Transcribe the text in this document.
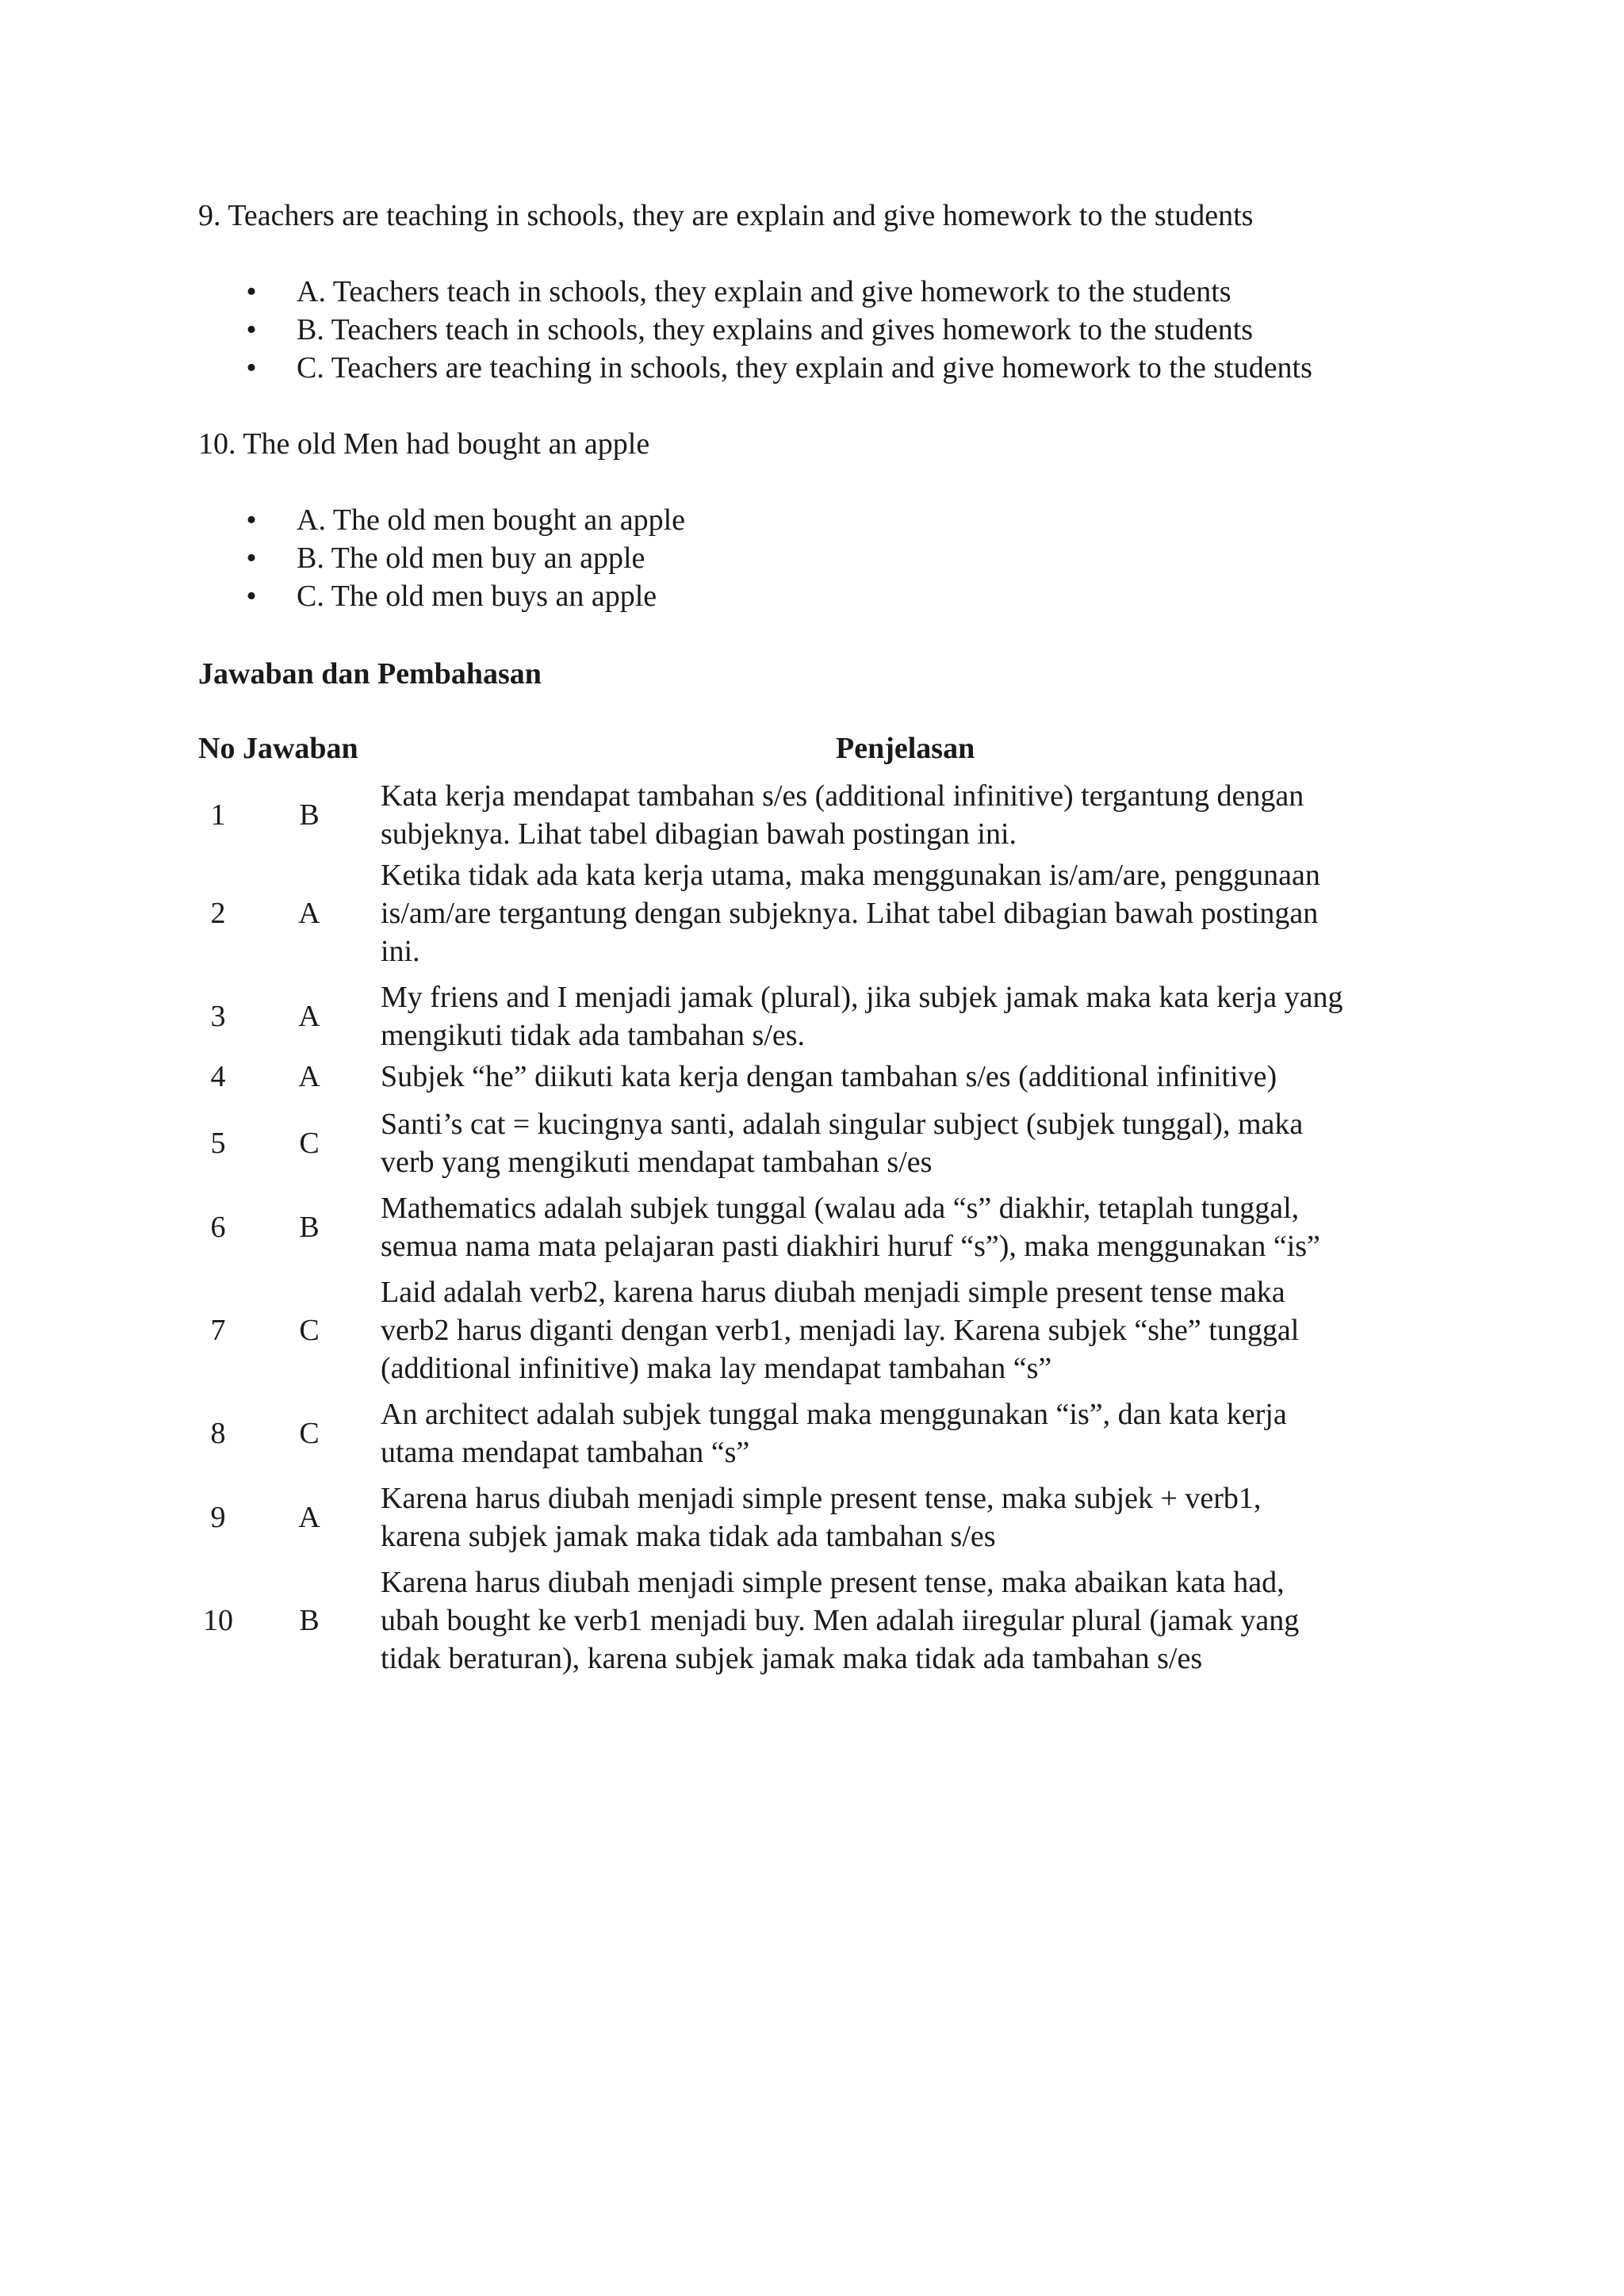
9. Teachers are teaching in schools, they are explain and give homework to the students
• A. Teachers teach in schools, they explain and give homework to the students
• B. Teachers teach in schools, they explains and gives homework to the students
• C. Teachers are teaching in schools, they explain and give homework to the students
10. The old Men had bought an apple
• A. The old men bought an apple
• B. The old men buy an apple
• C. The old men buys an apple
Jawaban dan Pembahasan
No Jawaban	Penjelasan
1	B
Kata kerja mendapat tambahan s/es (additional infinitive) tergantung dengan
subjeknya. Lihat tabel dibagian bawah postingan ini.
2	A
Ketika tidak ada kata kerja utama, maka menggunakan is/am/are, penggunaan
is/am/are tergantung dengan subjeknya. Lihat tabel dibagian bawah postingan
ini.
3	A
My friens and I menjadi jamak (plural), jika subjek jamak maka kata kerja yang
mengikuti tidak ada tambahan s/es.
4	A Subjek “he” diikuti kata kerja dengan tambahan s/es (additional infinitive)
5	C
Santi’s cat = kucingnya santi, adalah singular subject (subjek tunggal), maka
verb yang mengikuti mendapat tambahan s/es
6	B
Mathematics adalah subjek tunggal (walau ada “s” diakhir, tetaplah tunggal,
semua nama mata pelajaran pasti diakhiri huruf “s”), maka menggunakan “is”
7	C
Laid adalah verb2, karena harus diubah menjadi simple present tense maka
verb2 harus diganti dengan verb1, menjadi lay. Karena subjek “she” tunggal
(additional infinitive) maka lay mendapat tambahan “s”
8	C
An architect adalah subjek tunggal maka menggunakan “is”, dan kata kerja
utama mendapat tambahan “s”
9	A
Karena harus diubah menjadi simple present tense, maka subjek + verb1,
karena subjek jamak maka tidak ada tambahan s/es
10 B
Karena harus diubah menjadi simple present tense, maka abaikan kata had,
ubah bought ke verb1 menjadi buy. Men adalah iiregular plural (jamak yang
tidak beraturan), karena subjek jamak maka tidak ada tambahan s/es
